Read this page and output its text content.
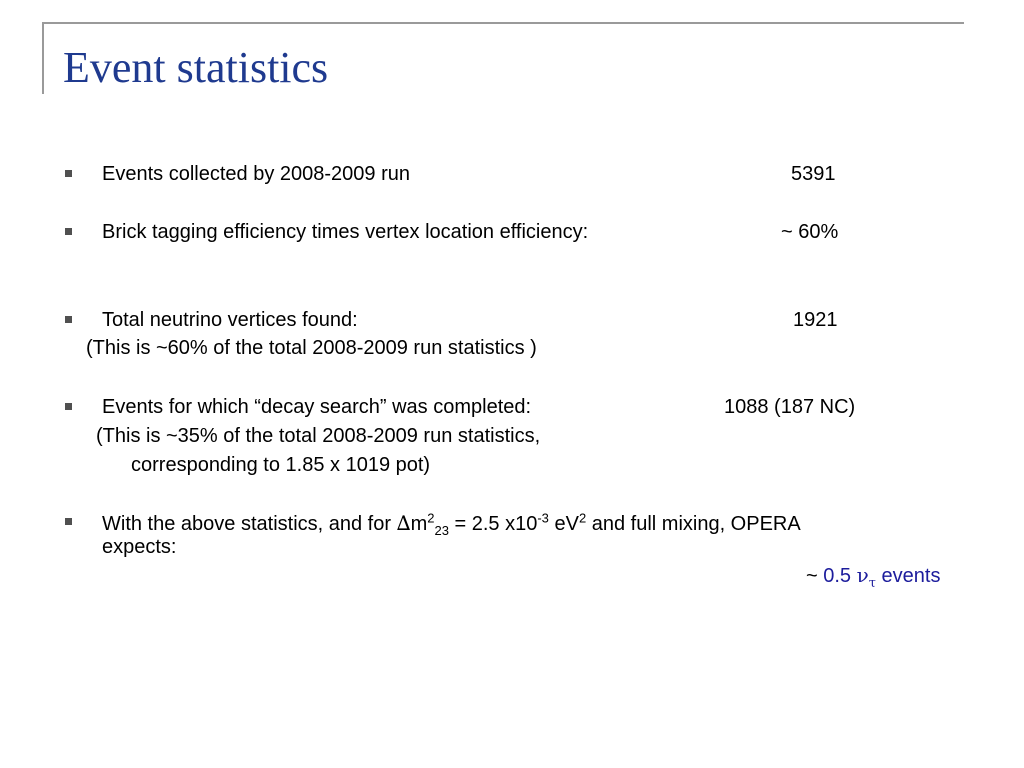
Event statistics
Events collected by 2008-2009 run	5391
Brick tagging efficiency times vertex location efficiency:	~ 60%
Total neutrino vertices found:	1921
(This is ~60% of the total 2008-2009 run statistics )
Events for which “decay search” was completed:	1088 (187 NC)
(This is ~35% of the total 2008-2009 run statistics,
corresponding to 1.85 x 1019 pot)
With the above statistics, and for $\Delta m^2_{23} = 2.5$ $x10^{-3}$ $eV^2$ and full mixing, OPERA
expects:
~ 0.5 $\nu_\tau$ events
